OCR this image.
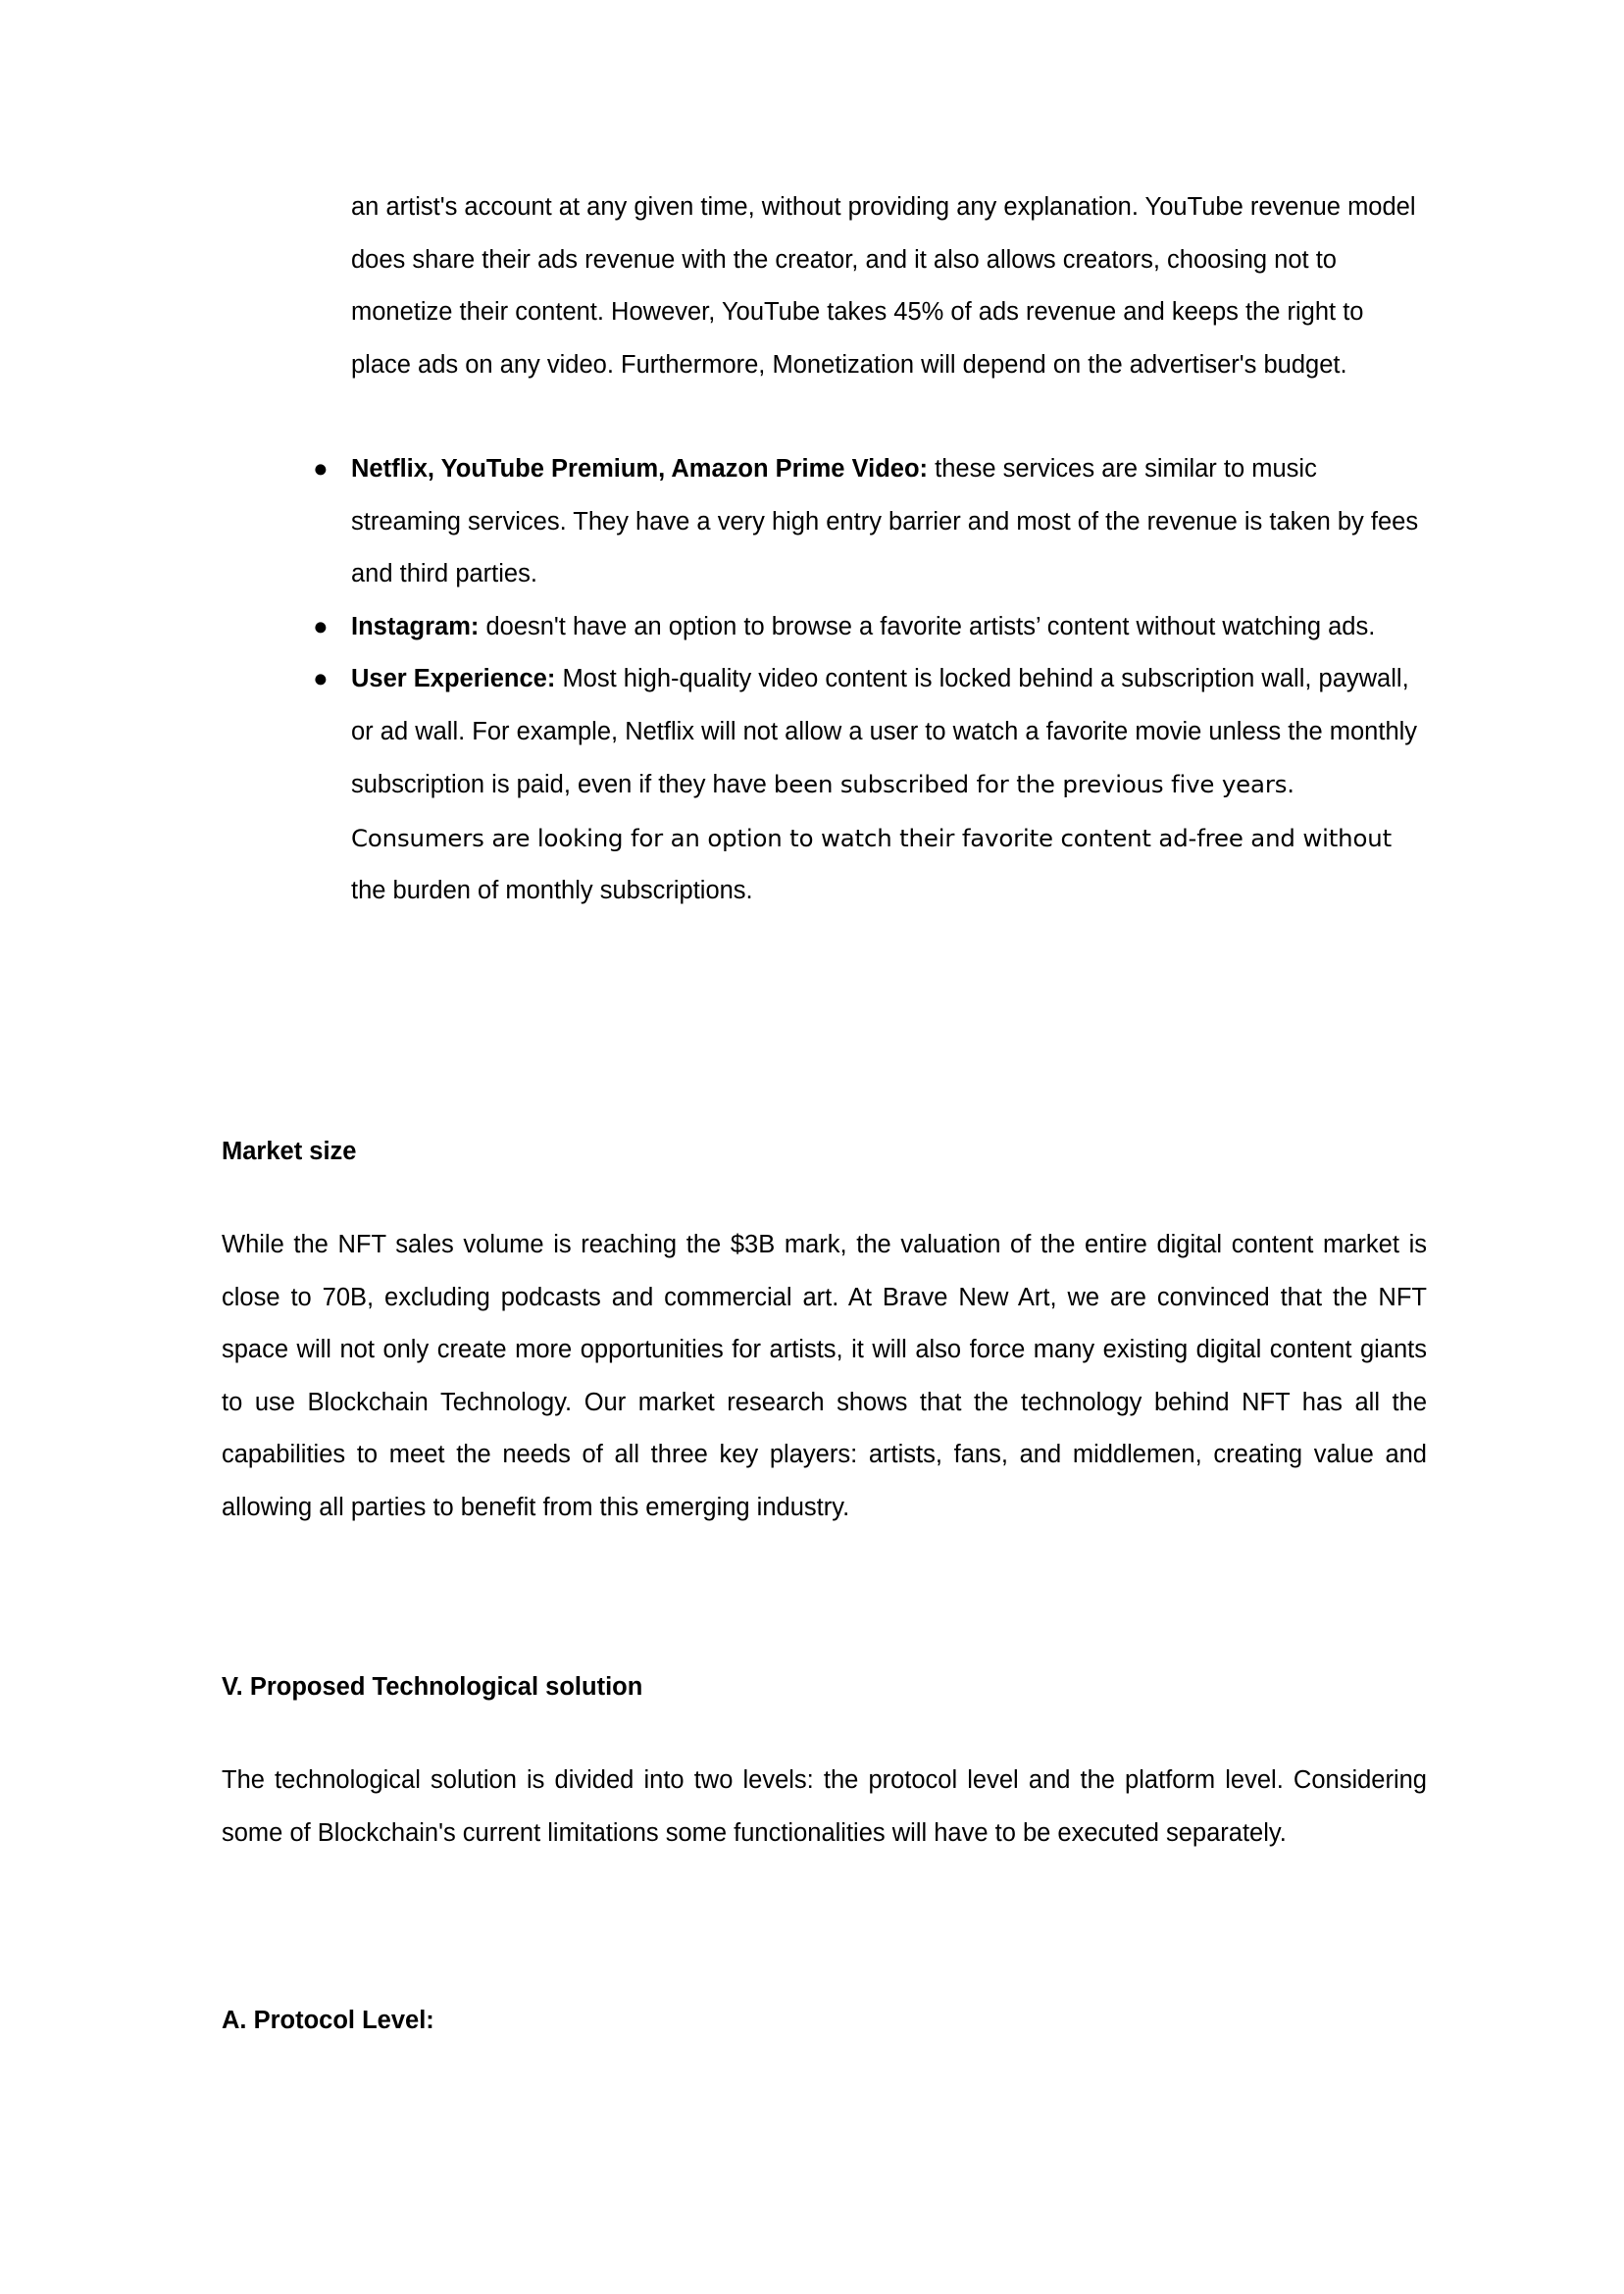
an artist's account at any given time, without providing any explanation. YouTube revenue model does share their ads revenue with the creator, and it also allows creators, choosing not to monetize their content. However, YouTube takes 45% of ads revenue and keeps the right to place ads on any video. Furthermore, Monetization will depend on the advertiser's budget.

● Netflix, YouTube Premium, Amazon Prime Video: these services are similar to music streaming services. They have a very high entry barrier and most of the revenue is taken by fees and third parties.
● Instagram: doesn't have an option to browse a favorite artists’ content without watching ads.
● User Experience: Most high-quality video content is locked behind a subscription wall, paywall, or ad wall. For example, Netflix will not allow a user to watch a favorite movie unless the monthly subscription is paid, even if they have been subscribed for the previous five years. Consumers are looking for an option to watch their favorite content ad-free and without the burden of monthly subscriptions.
Market size

While the NFT sales volume is reaching the $3B mark, the valuation of the entire digital content market is close to 70B, excluding podcasts and commercial art. At Brave New Art, we are convinced that the NFT space will not only create more opportunities for artists, it will also force many existing digital content giants to use Blockchain Technology. Our market research shows that the technology behind NFT has all the capabilities to meet the needs of all three key players: artists, fans, and middlemen, creating value and allowing all parties to benefit from this emerging industry.

V. Proposed Technological solution

The technological solution is divided into two levels: the protocol level and the platform level. Considering some of Blockchain's current limitations some functionalities will have to be executed separately.

A. Protocol Level:
